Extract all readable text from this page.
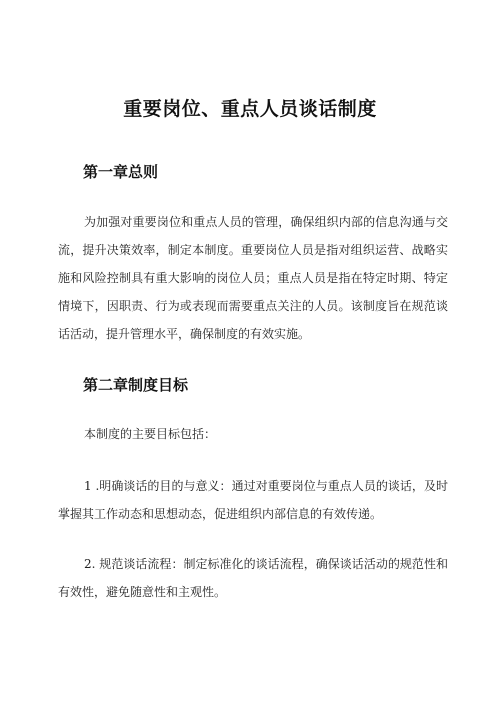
重要岗位、重点人员谈话制度
第一章总则

为加强对重要岗位和重点人员的管理，确保组织内部的信息沟通与交流，提升决策效率，制定本制度。重要岗位人员是指对组织运营、战略实施和风险控制具有重大影响的岗位人员；重点人员是指在特定时期、特定情境下，因职责、行为或表现而需要重点关注的人员。该制度旨在规范谈话活动，提升管理水平，确保制度的有效实施。

第二章制度目标

本制度的主要目标包括：

1 .明确谈话的目的与意义：通过对重要岗位与重点人员的谈话，及时掌握其工作动态和思想动态，促进组织内部信息的有效传递。

2. 规范谈话流程：制定标准化的谈话流程，确保谈话活动的规范性和有效性，避免随意性和主观性。
